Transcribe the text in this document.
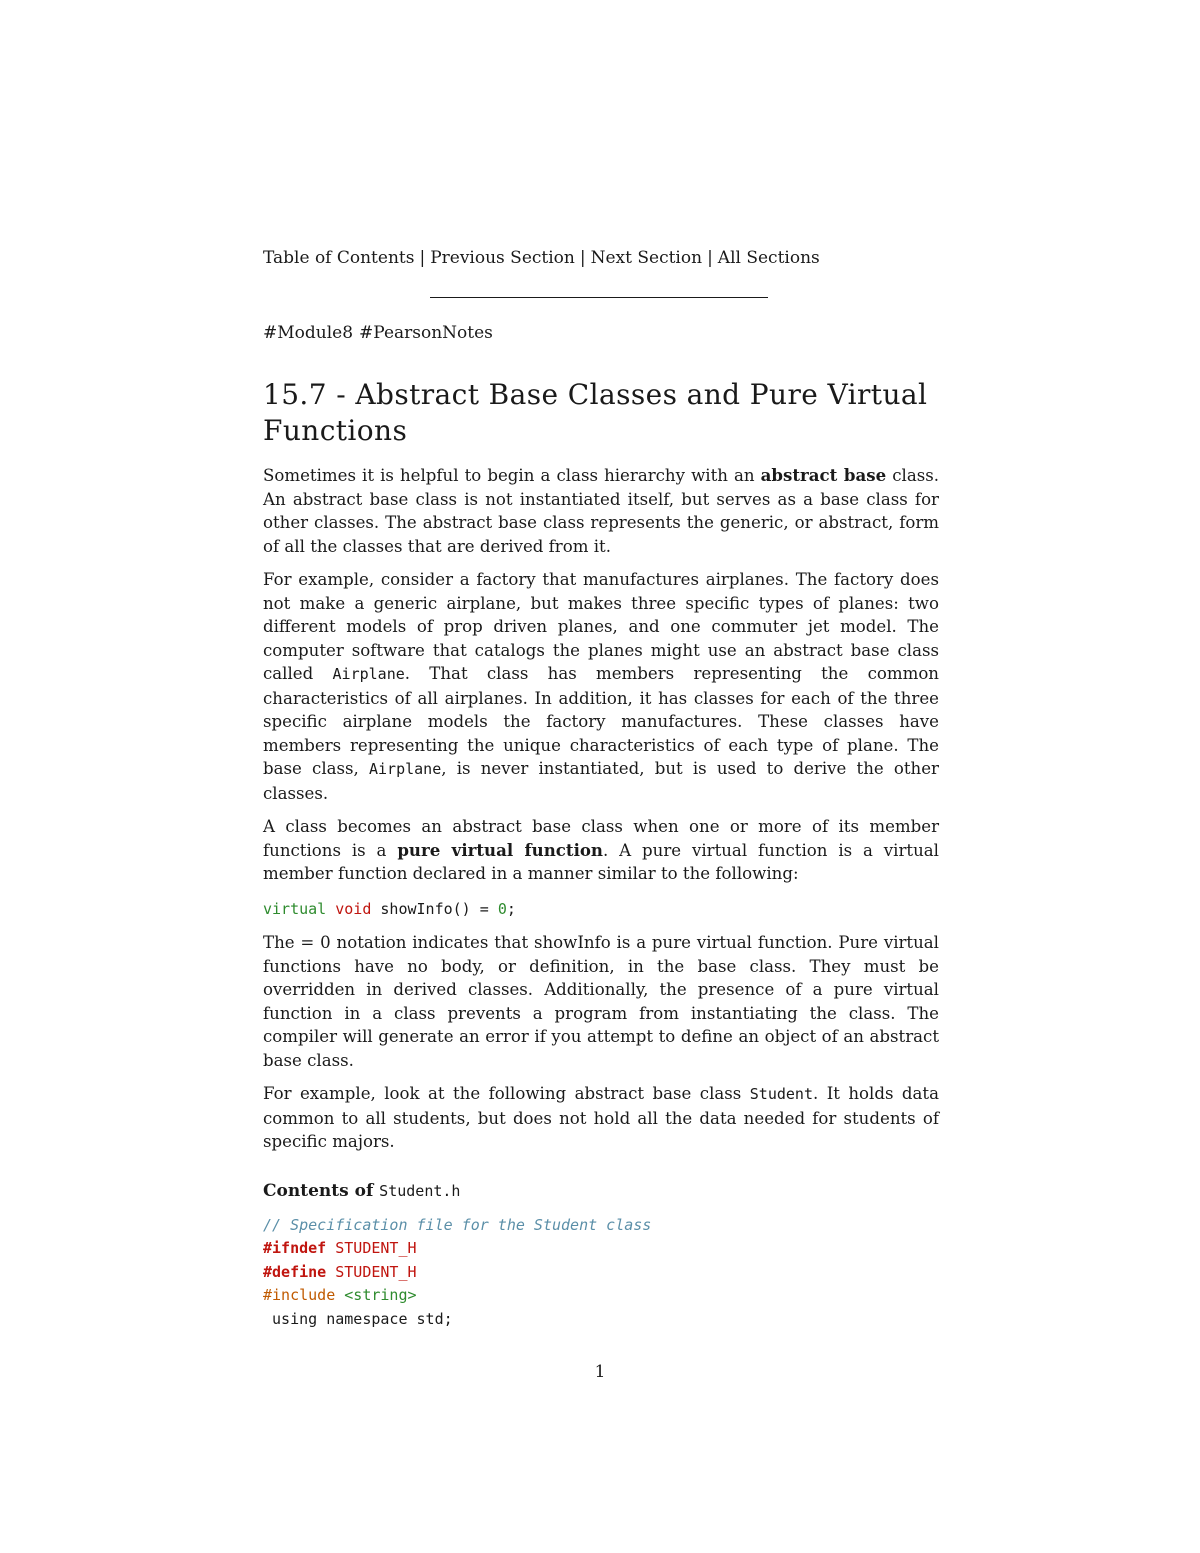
Table of Contents | Previous Section | Next Section | All Sections
#Module8 #PearsonNotes
15.7 - Abstract Base Classes and Pure Virtual Functions

Sometimes it is helpful to begin a class hierarchy with an abstract base class. An abstract base class is not instantiated itself, but serves as a base class for other classes. The abstract base class represents the generic, or abstract, form of all the classes that are derived from it.

For example, consider a factory that manufactures airplanes. The factory does not make a generic airplane, but makes three specific types of planes: two different models of prop driven planes, and one commuter jet model. The computer software that catalogs the planes might use an abstract base class called Airplane. That class has members representing the common characteristics of all airplanes. In addition, it has classes for each of the three specific airplane models the factory manufactures. These classes have members representing the unique characteristics of each type of plane. The base class, Airplane, is never instantiated, but is used to derive the other classes.

A class becomes an abstract base class when one or more of its member functions is a pure virtual function. A pure virtual function is a virtual member function declared in a manner similar to the following:

virtual void showInfo() = 0;

The = 0 notation indicates that showInfo is a pure virtual function. Pure virtual functions have no body, or definition, in the base class. They must be overridden in derived classes. Additionally, the presence of a pure virtual function in a class prevents a program from instantiating the class. The compiler will generate an error if you attempt to define an object of an abstract base class.

For example, look at the following abstract base class Student. It holds data common to all students, but does not hold all the data needed for students of specific majors.

Contents of Student.h

// Specification file for the Student class

#ifndef STUDENT_H

#define STUDENT_H

#include <string>

using namespace std;

1
